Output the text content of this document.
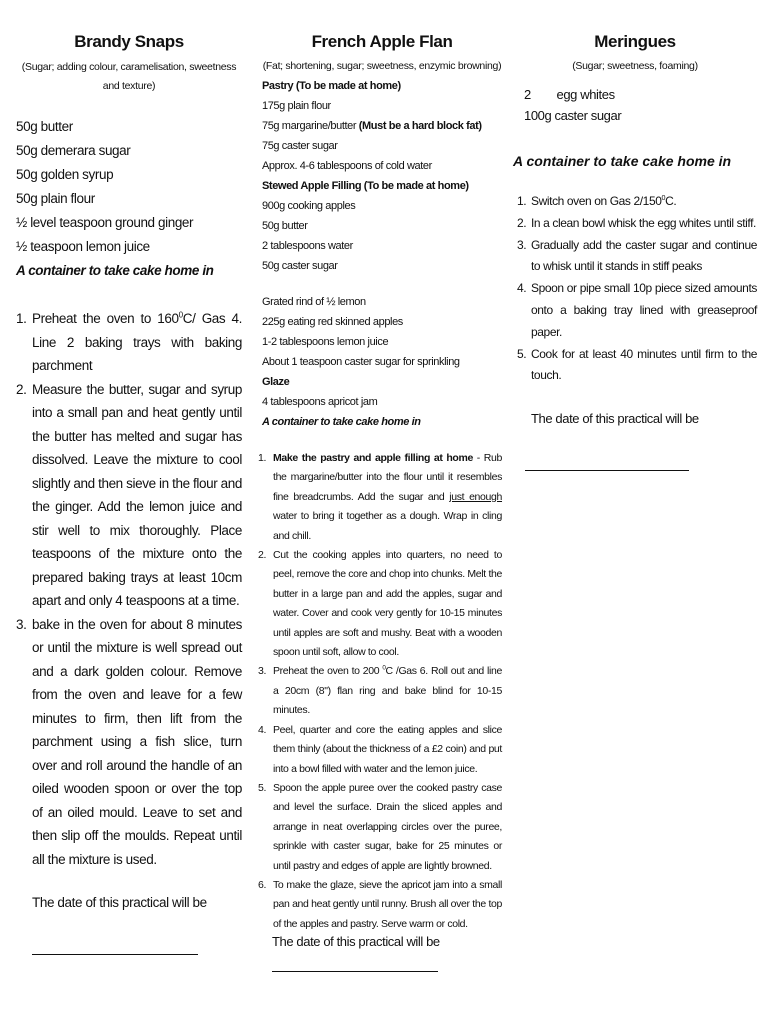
Brandy Snaps
(Sugar; adding colour, caramelisation, sweetness and texture)
50g butter
50g demerara sugar
50g golden syrup
50g plain flour
½ level teaspoon ground ginger
½ teaspoon lemon juice
A container to take cake home in
1. Preheat the oven to $160^0C/$ Gas 4. Line 2 baking trays with baking parchment
2. Measure the butter, sugar and syrup into a small pan and heat gently until the butter has melted and sugar has dissolved. Leave the mixture to cool slightly and then sieve in the flour and the ginger. Add the lemon juice and stir well to mix thoroughly. Place teaspoons of the mixture onto the prepared baking trays at least 10cm apart and only 4 teaspoons at a time.
3. bake in the oven for about 8 minutes or until the mixture is well spread out and a dark golden colour. Remove from the oven and leave for a few minutes to firm, then lift from the parchment using a fish slice, turn over and roll around the handle of an oiled wooden spoon or over the top of an oiled mould. Leave to set and then slip off the moulds. Repeat until all the mixture is used.
The date of this practical will be
French Apple Flan
(Fat; shortening, sugar; sweetness, enzymic browning)
Pastry (To be made at home)
175g plain flour
75g margarine/butter (Must be a hard block fat)
75g caster sugar
Approx. 4-6 tablespoons of cold water
Stewed Apple Filling (To be made at home)
900g cooking apples
50g butter
2 tablespoons water
50g caster sugar
Grated rind of ½ lemon
225g eating red skinned apples
1-2 tablespoons lemon juice
About 1 teaspoon caster sugar for sprinkling
Glaze
4 tablespoons apricot jam
A container to take cake home in
1. Make the pastry and apple filling at home - Rub the margarine/butter into the flour until it resembles fine breadcrumbs. Add the sugar and just enough water to bring it together as a dough. Wrap in cling and chill.
2. Cut the cooking apples into quarters, no need to peel, remove the core and chop into chunks. Melt the butter in a large pan and add the apples, sugar and water. Cover and cook very gently for 10-15 minutes until apples are soft and mushy. Beat with a wooden spoon until soft, allow to cool.
3. Preheat the oven to 200 $^0$C /Gas 6. Roll out and line a 20cm (8") flan ring and bake blind for 10-15 minutes.
4. Peel, quarter and core the eating apples and slice them thinly (about the thickness of a £2 coin) and put into a bowl filled with water and the lemon juice.
5. Spoon the apple puree over the cooked pastry case and level the surface. Drain the sliced apples and arrange in neat overlapping circles over the puree, sprinkle with caster sugar, bake for 25 minutes or until pastry and edges of apple are lightly browned.
6. To make the glaze, sieve the apricot jam into a small pan and heat gently until runny. Brush all over the top of the apples and pastry. Serve warm or cold.
The date of this practical will be
Meringues
(Sugar; sweetness, foaming)
2        egg whites
100g caster sugar
A container to take cake home in
1. Switch oven on Gas $2/150^0C$.
2. In a clean bowl whisk the egg whites until stiff.
3. Gradually add the caster sugar and continue to whisk until it stands in stiff peaks
4. Spoon or pipe small 10p piece sized amounts onto a baking tray lined with greaseproof paper.
5. Cook for at least 40 minutes until firm to the touch.
The date of this practical will be
